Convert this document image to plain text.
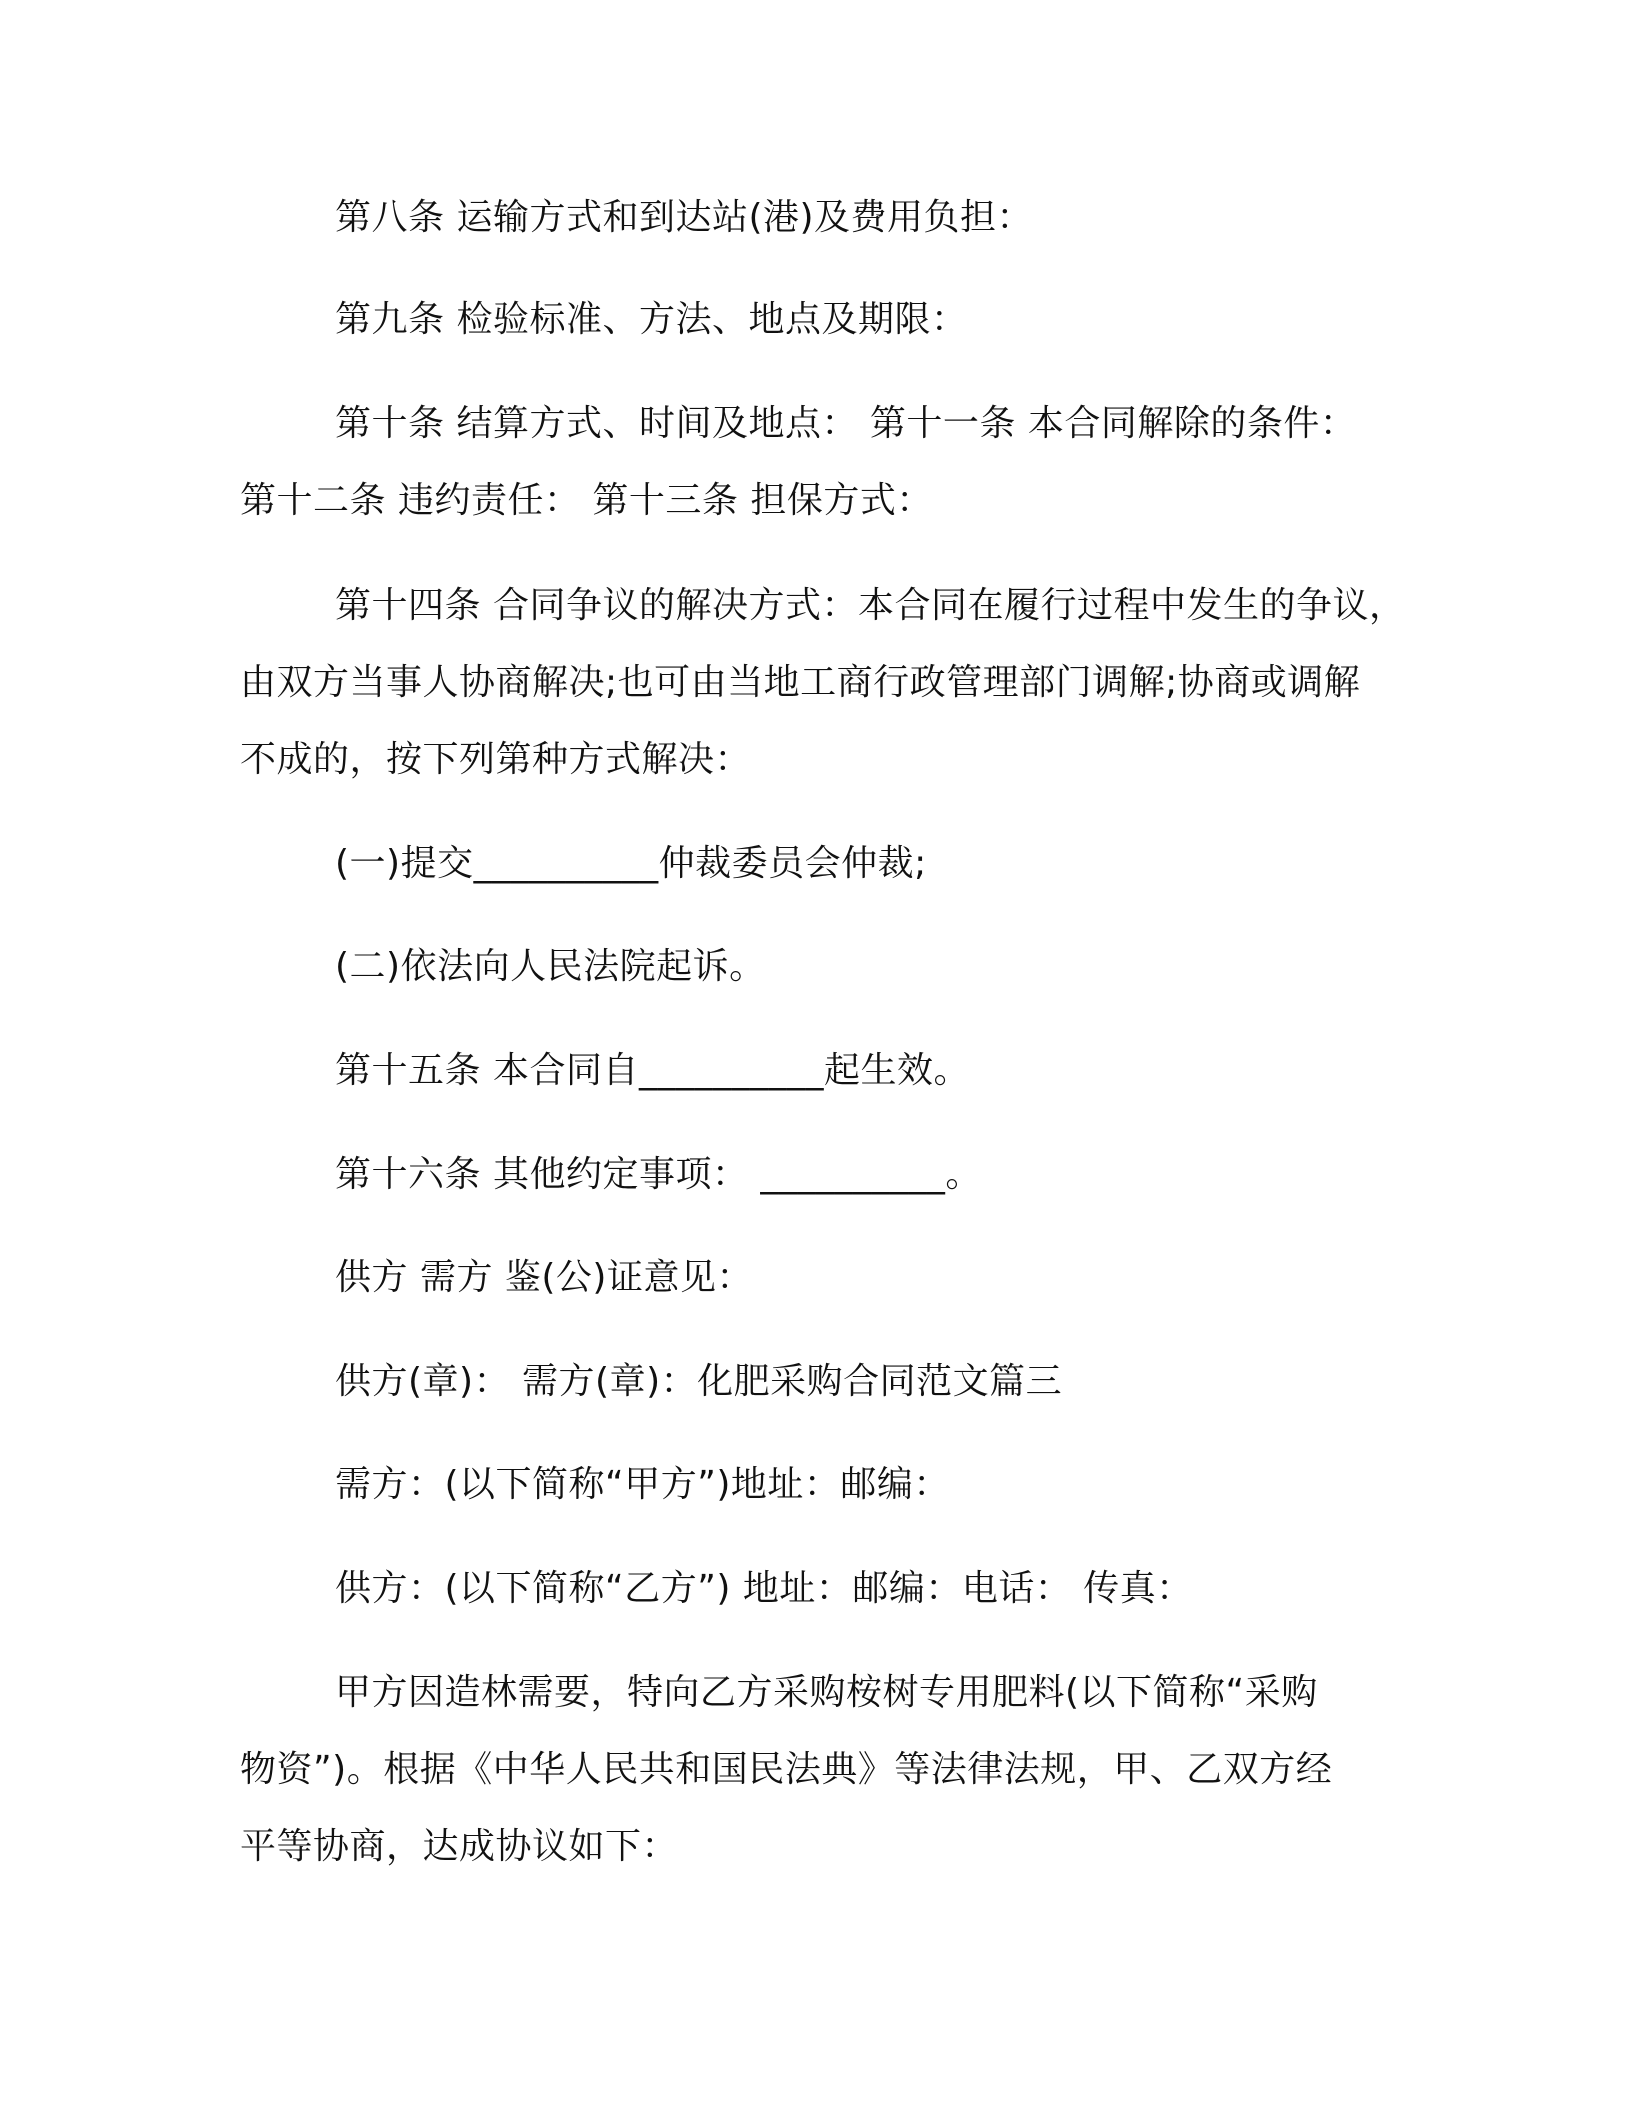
第八条 运输方式和到达站(港)及费用负担：
第九条 检验标准、方法、地点及期限：
第十条 结算方式、时间及地点： 第十一条 本合同解除的条件：
第十二条 违约责任： 第十三条 担保方式：
第十四条 合同争议的解决方式：本合同在履行过程中发生的争议，
由双方当事人协商解决;也可由当地工商行政管理部门调解;协商或调解
不成的，按下列第种方式解决：
(一)提交__________仲裁委员会仲裁;
(二)依法向人民法院起诉。
第十五条 本合同自__________起生效。
第十六条 其他约定事项： __________。
供方 需方 鉴(公)证意见：
供方(章)： 需方(章)：化肥采购合同范文篇三
需方：(以下简称“甲方”)地址：邮编：
供方：(以下简称“乙方”) 地址：邮编：电话： 传真：
甲方因造林需要，特向乙方采购桉树专用肥料(以下简称“采购
物资”)。根据《中华人民共和国民法典》等法律法规，甲、乙双方经
平等协商，达成协议如下：
